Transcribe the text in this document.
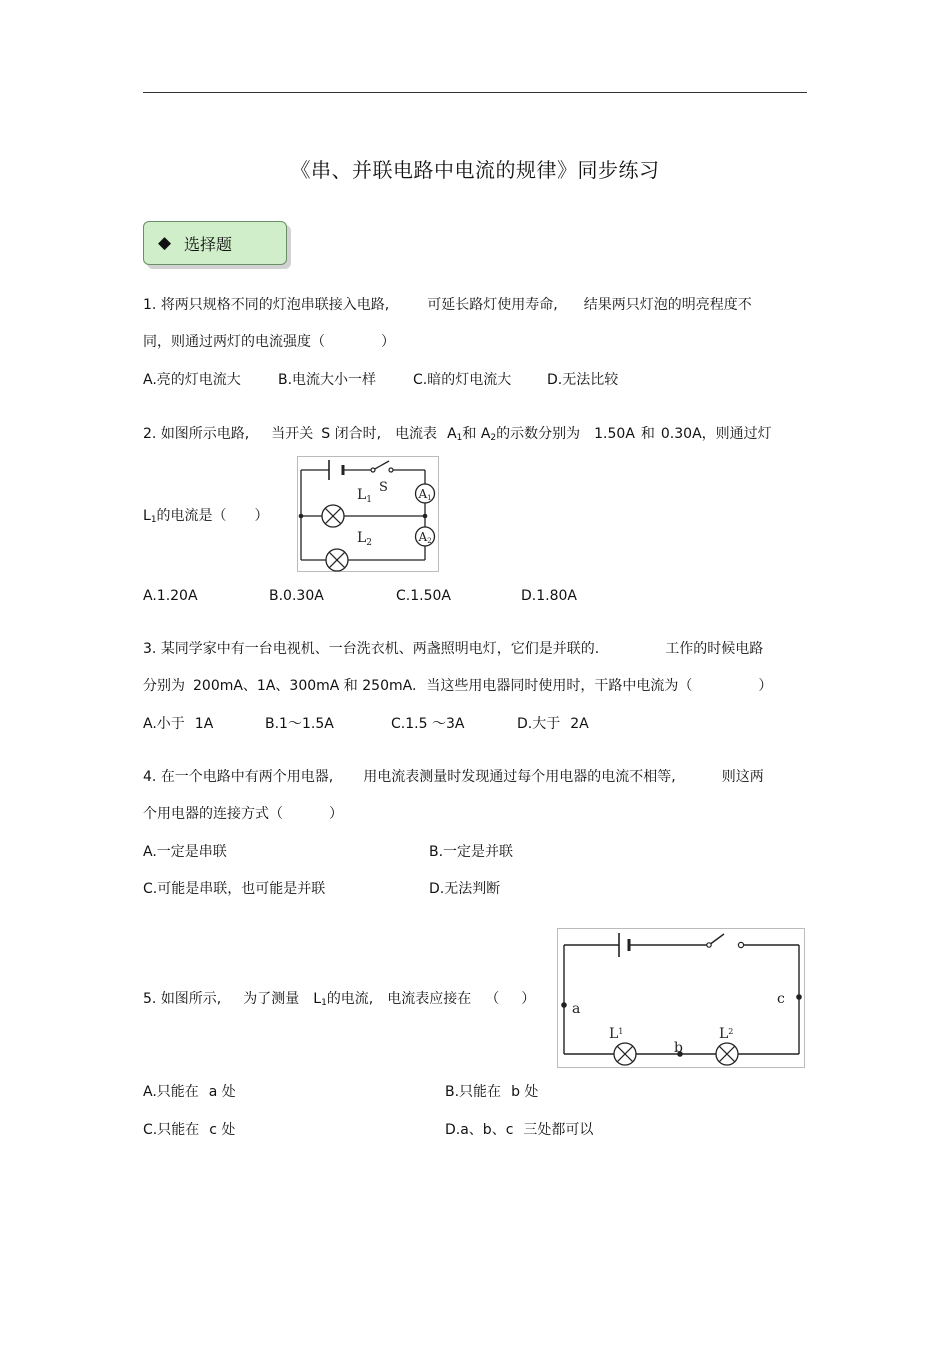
《串、并联电路中电流的规律》同步练习
◆ 选择题
1. 将两只规格不同的灯泡串联接入电路,	可延长路灯使用寿命, 结果两只灯泡的明亮程度不
同，则通过两灯的电流强度（	）
A.亮的灯电流大	B.电流大小一样	C.暗的灯电流大	D.无法比较
2. 如图所示电路, 当开关 S 闭合时, 电流表 $A_1$和 $A_2$的示数分别为 1.50A 和 0.30A，则通过灯
$L_1$的电流是（ ）
S
$L_1$
$L_2$
A1
A2
A.1.20A	B.0.30A	C.1.50A	D.1.80A
3. 某同学家中有一台电视机、一台洗衣机、两盏照明电灯，它们是并联的.	工作的时候电路
分别为 200mA、1A、300mA 和 250mA. 当这些用电器同时使用时，干路中电流为（	）
A.小于 1A	B.1～1.5A	C.1.5 ～3A	D.大于 2A
4. 在一个电路中有两个用电器, 用电流表测量时发现通过每个用电器的电流不相等,	则这两
个用电器的连接方式（	）
A.一定是串联	B.一定是并联
C.可能是串联，也可能是并联	D.无法判断
5. 如图所示, 为了测量 $L_1$的电流, 电流表应接在 （ ）
a
c
b
$L^1$	$L^2$
A.只能在 a 处	B.只能在 b 处
C.只能在 c 处	D.a、b、c 三处都可以
